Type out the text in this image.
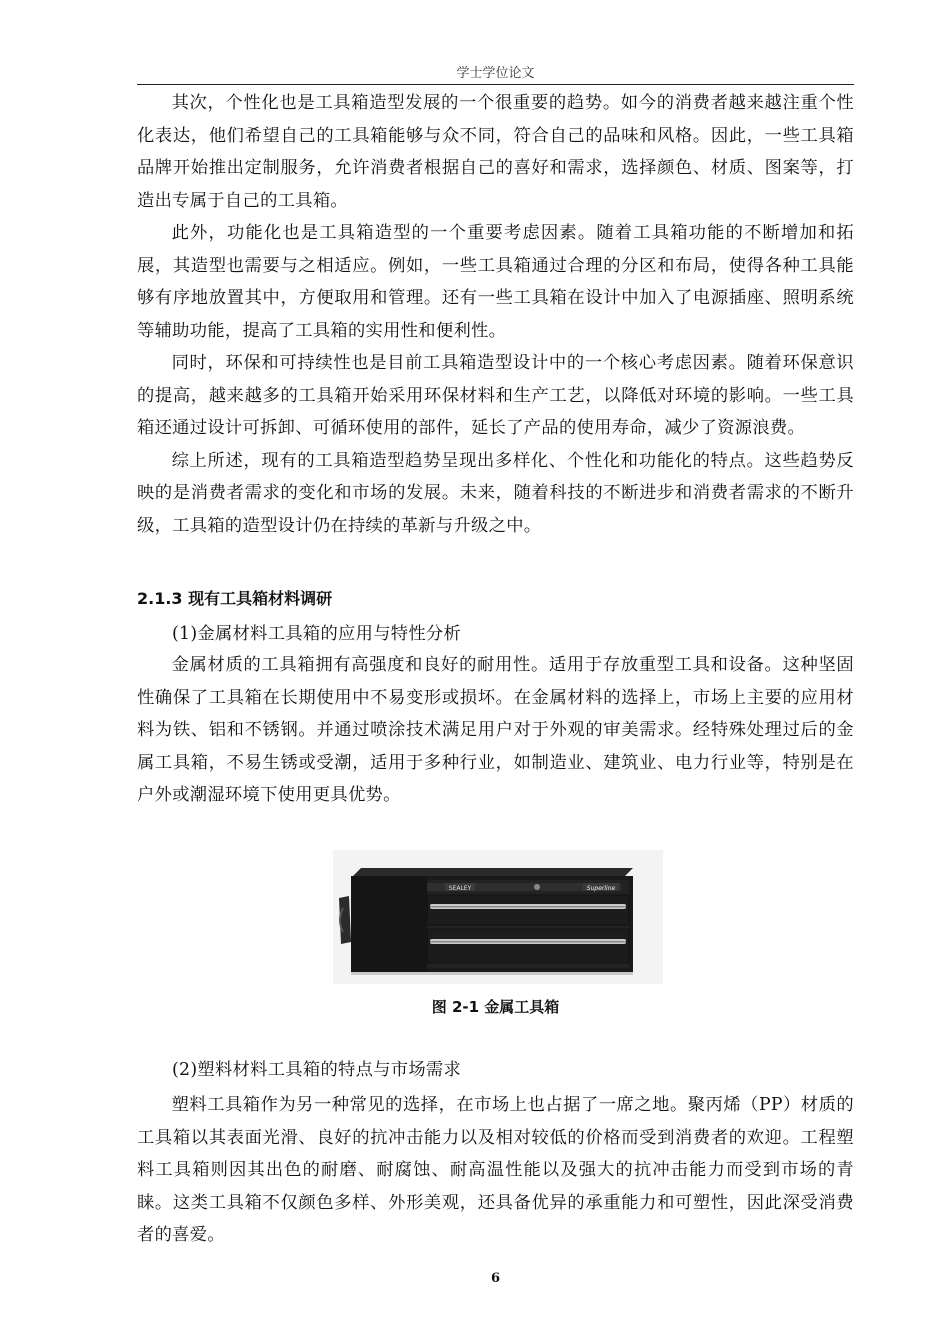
学士学位论文

其次，个性化也是工具箱造型发展的一个很重要的趋势。如今的消费者越来越注重个性化表达，他们希望自己的工具箱能够与众不同，符合自己的品味和风格。因此，一些工具箱品牌开始推出定制服务，允许消费者根据自己的喜好和需求，选择颜色、材质、图案等，打造出专属于自己的工具箱。

此外，功能化也是工具箱造型的一个重要考虑因素。随着工具箱功能的不断增加和拓展，其造型也需要与之相适应。例如，一些工具箱通过合理的分区和布局，使得各种工具能够有序地放置其中，方便取用和管理。还有一些工具箱在设计中加入了电源插座、照明系统等辅助功能，提高了工具箱的实用性和便利性。

同时，环保和可持续性也是目前工具箱造型设计中的一个核心考虑因素。随着环保意识的提高，越来越多的工具箱开始采用环保材料和生产工艺，以降低对环境的影响。一些工具箱还通过设计可拆卸、可循环使用的部件，延长了产品的使用寿命，减少了资源浪费。

综上所述，现有的工具箱造型趋势呈现出多样化、个性化和功能化的特点。这些趋势反映的是消费者需求的变化和市场的发展。未来，随着科技的不断进步和消费者需求的不断升级，工具箱的造型设计仍在持续的革新与升级之中。

2.1.3 现有工具箱材料调研
(1)金属材料工具箱的应用与特性分析

金属材质的工具箱拥有高强度和良好的耐用性。适用于存放重型工具和设备。这种坚固性确保了工具箱在长期使用中不易变形或损坏。在金属材料的选择上，市场上主要的应用材料为铁、铝和不锈钢。并通过喷涂技术满足用户对于外观的审美需求。经特殊处理过后的金属工具箱，不易生锈或受潮，适用于多种行业，如制造业、建筑业、电力行业等，特别是在户外或潮湿环境下使用更具优势。

SEALEY	Superline
图 2-1 金属工具箱
(2)塑料材料工具箱的特点与市场需求

塑料工具箱作为另一种常见的选择，在市场上也占据了一席之地。聚丙烯（PP）材质的工具箱以其表面光滑、良好的抗冲击能力以及相对较低的价格而受到消费者的欢迎。工程塑料工具箱则因其出色的耐磨、耐腐蚀、耐高温性能以及强大的抗冲击能力而受到市场的青睐。这类工具箱不仅颜色多样、外形美观，还具备优异的承重能力和可塑性，因此深受消费者的喜爱。

6
